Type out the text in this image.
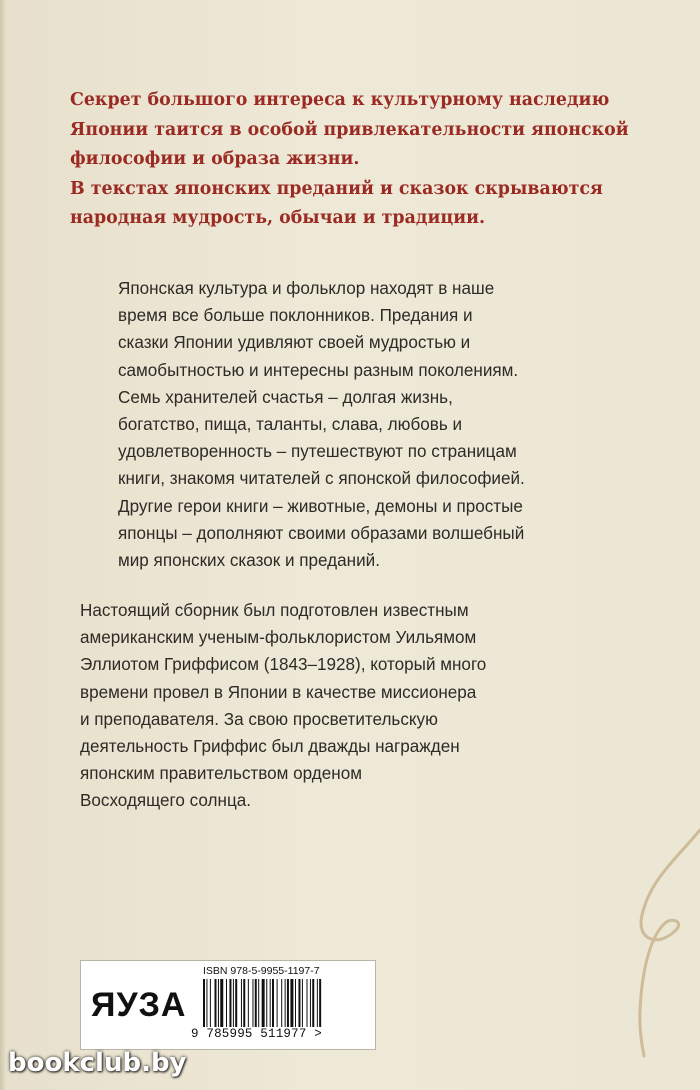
Секрет большого интереса к культурному наследию
Японии таится в особой привлекательности японской
философии и образа жизни.
В текстах японских преданий и сказок скрываются
народная мудрость, обычаи и традиции.
Японская культура и фольклор находят в наше
время все больше поклонников. Предания и
сказки Японии удивляют своей мудростью и
самобытностью и интересны разным поколениям.
Семь хранителей счастья – долгая жизнь,
богатство, пища, таланты, слава, любовь и
удовлетворенность – путешествуют по страницам
книги, знакомя читателей с японской философией.
Другие герои книги – животные, демоны и простые
японцы – дополняют своими образами волшебный
мир японских сказок и преданий.
Настоящий сборник был подготовлен известным
американским ученым-фольклористом Уильямом
Эллиотом Гриффисом (1843–1928), который много
времени провел в Японии в качестве миссионера
и преподавателя. За свою просветительскую
деятельность Гриффис был дважды награжден
японским правительством орденом
Восходящего солнца.
ЯУЗА
ISBN 978-5-9955-1197-7
9 785995 511977 >
bookclub.by
